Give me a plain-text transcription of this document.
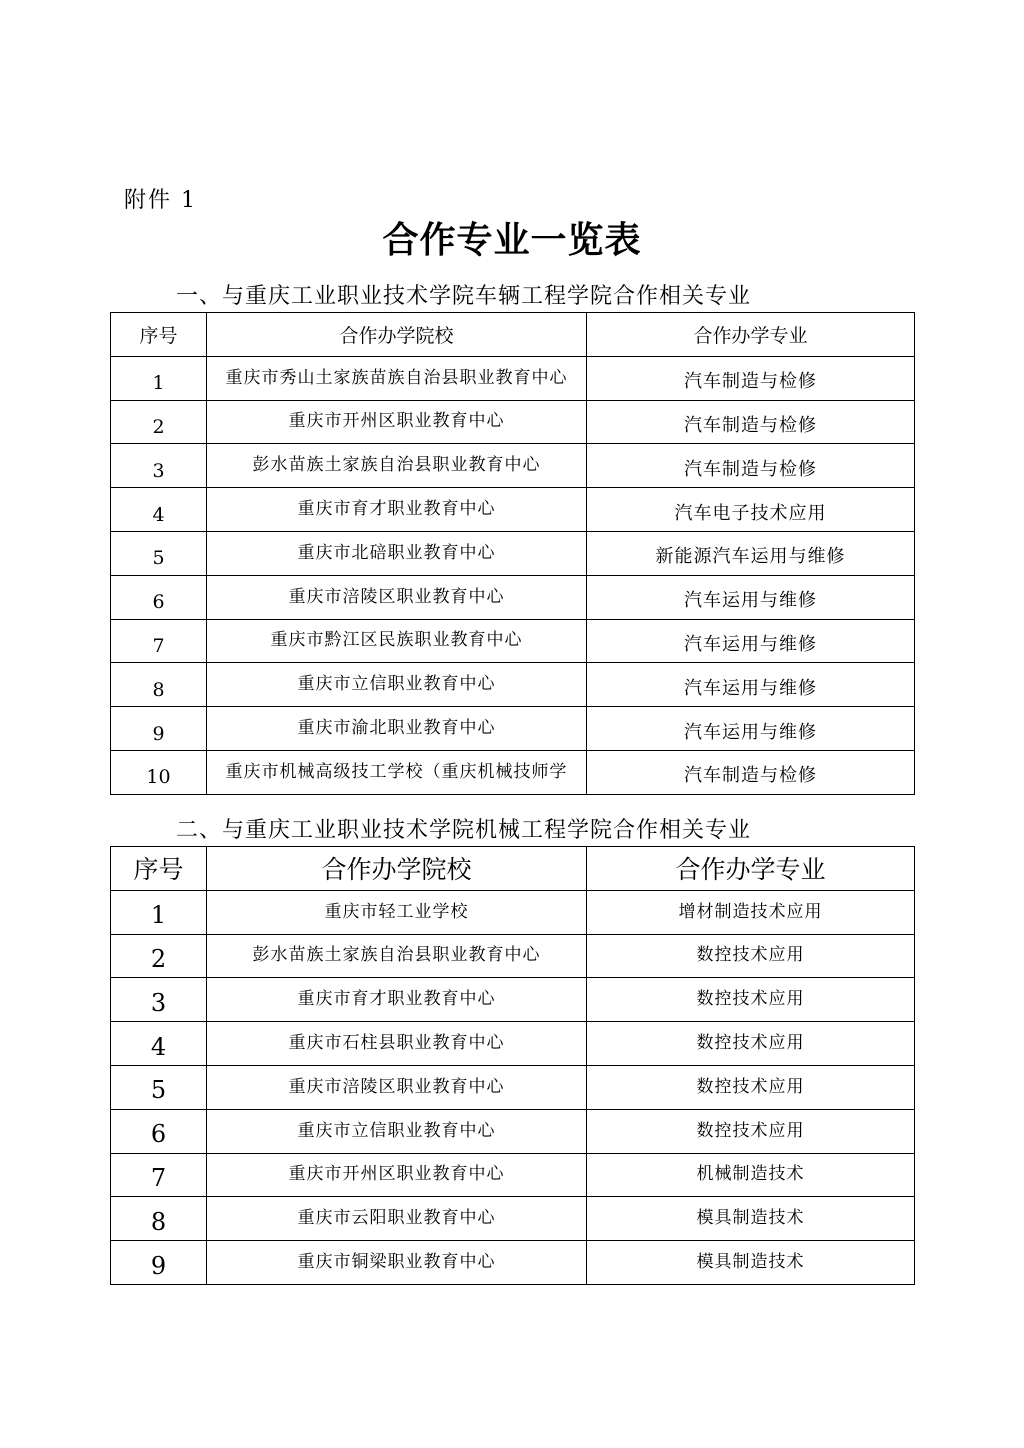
附件 1
合作专业一览表
一、与重庆工业职业技术学院车辆工程学院合作相关专业
序号	合作办学院校	合作办学专业
1	重庆市秀山土家族苗族自治县职业教育中心	汽车制造与检修
2	重庆市开州区职业教育中心	汽车制造与检修
3	彭水苗族土家族自治县职业教育中心	汽车制造与检修
4	重庆市育才职业教育中心	汽车电子技术应用
5	重庆市北碚职业教育中心	新能源汽车运用与维修
6	重庆市涪陵区职业教育中心	汽车运用与维修
7	重庆市黔江区民族职业教育中心	汽车运用与维修
8	重庆市立信职业教育中心	汽车运用与维修
9	重庆市渝北职业教育中心	汽车运用与维修
10	重庆市机械高级技工学校（重庆机械技师学	汽车制造与检修
二、与重庆工业职业技术学院机械工程学院合作相关专业
序号	合作办学院校	合作办学专业
1	重庆市轻工业学校	增材制造技术应用
2	彭水苗族土家族自治县职业教育中心	数控技术应用
3	重庆市育才职业教育中心	数控技术应用
4	重庆市石柱县职业教育中心	数控技术应用
5	重庆市涪陵区职业教育中心	数控技术应用
6	重庆市立信职业教育中心	数控技术应用
7	重庆市开州区职业教育中心	机械制造技术
8	重庆市云阳职业教育中心	模具制造技术
9	重庆市铜梁职业教育中心	模具制造技术
